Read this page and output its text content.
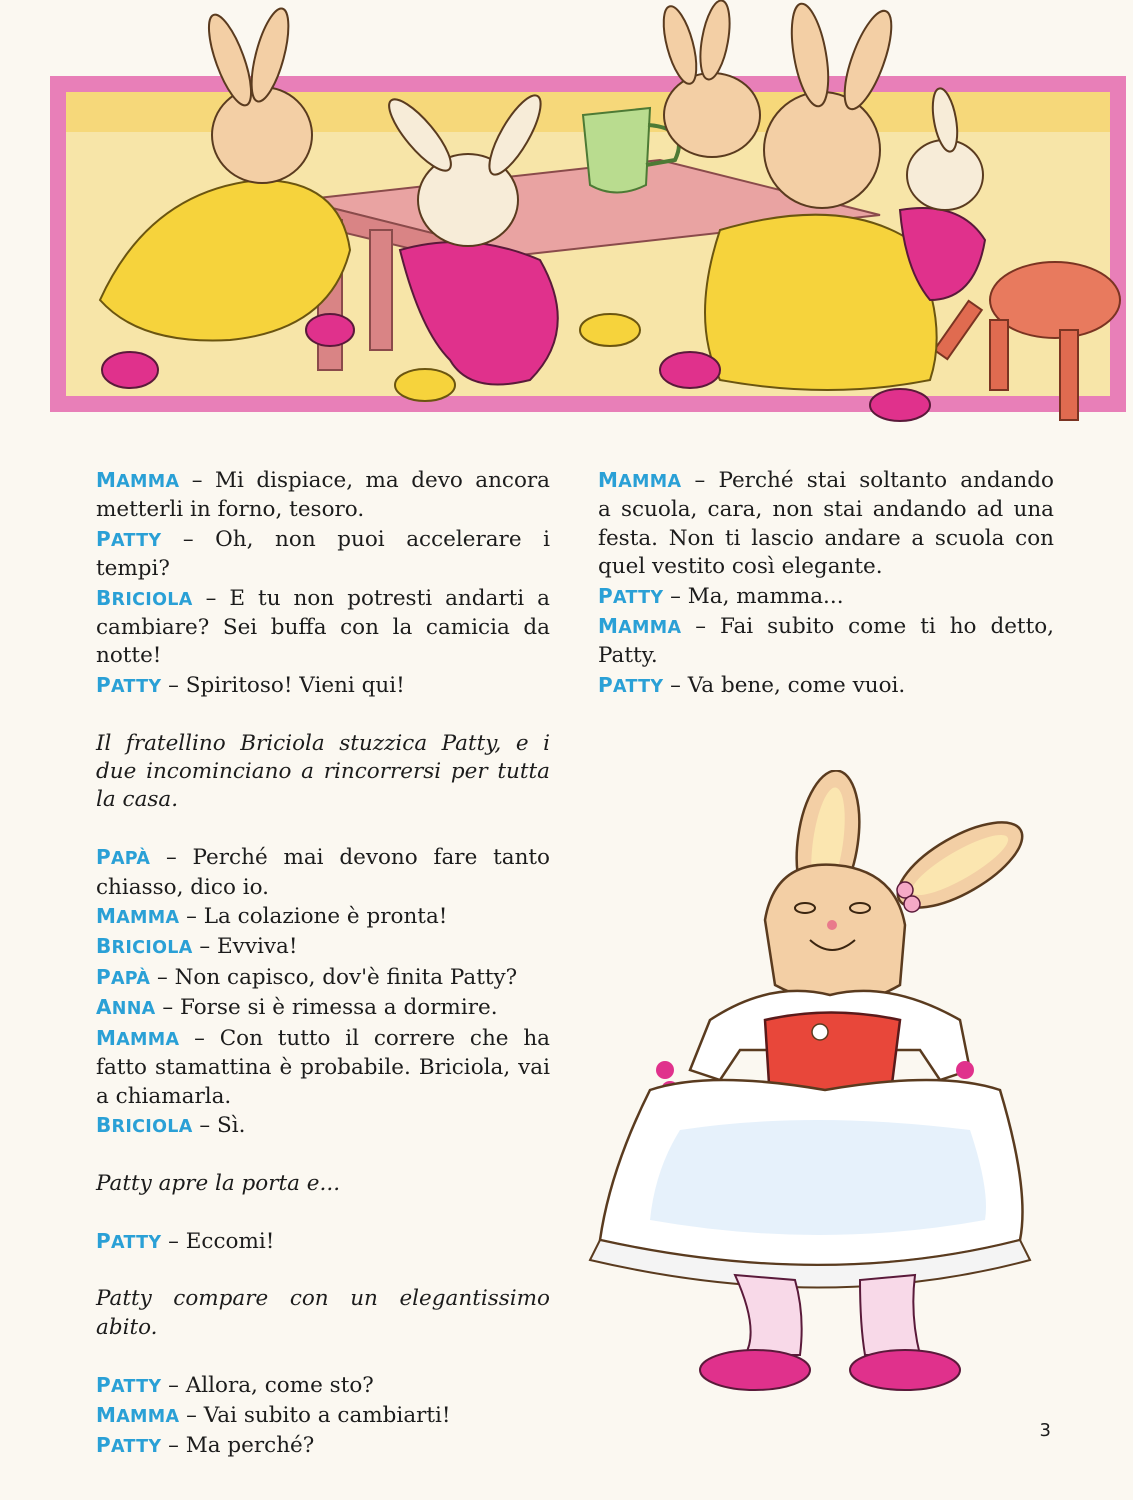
MAMMA – Mi dispiace, ma devo ancora
metterli in forno, tesoro.
PATTY – Oh, non puoi accelerare i
tempi?
BRICIOLA – E tu non potresti andarti a
cambiare? Sei buffa con la camicia da
notte!
PATTY – Spiritoso! Vieni qui!
Il fratellino Briciola stuzzica Patty, e i
due incominciano a rincorrersi per tutta
la casa.
PAPÀ – Perché mai devono fare tanto
chiasso, dico io.
MAMMA – La colazione è pronta!
BRICIOLA – Evviva!
PAPÀ – Non capisco, dov'è finita Patty?
ANNA – Forse si è rimessa a dormire.
MAMMA – Con tutto il correre che ha
fatto stamattina è probabile. Briciola, vai
a chiamarla.
BRICIOLA – Sì.
Patty apre la porta e...
PATTY – Eccomi!
Patty compare con un elegantissimo
abito.
PATTY – Allora, come sto?
MAMMA – Vai subito a cambiarti!
PATTY – Ma perché?
MAMMA – Perché stai soltanto andando
a scuola, cara, non stai andando ad una
festa. Non ti lascio andare a scuola con
quel vestito così elegante.
PATTY – Ma, mamma...
MAMMA – Fai subito come ti ho detto,
Patty.
PATTY – Va bene, come vuoi.
3
